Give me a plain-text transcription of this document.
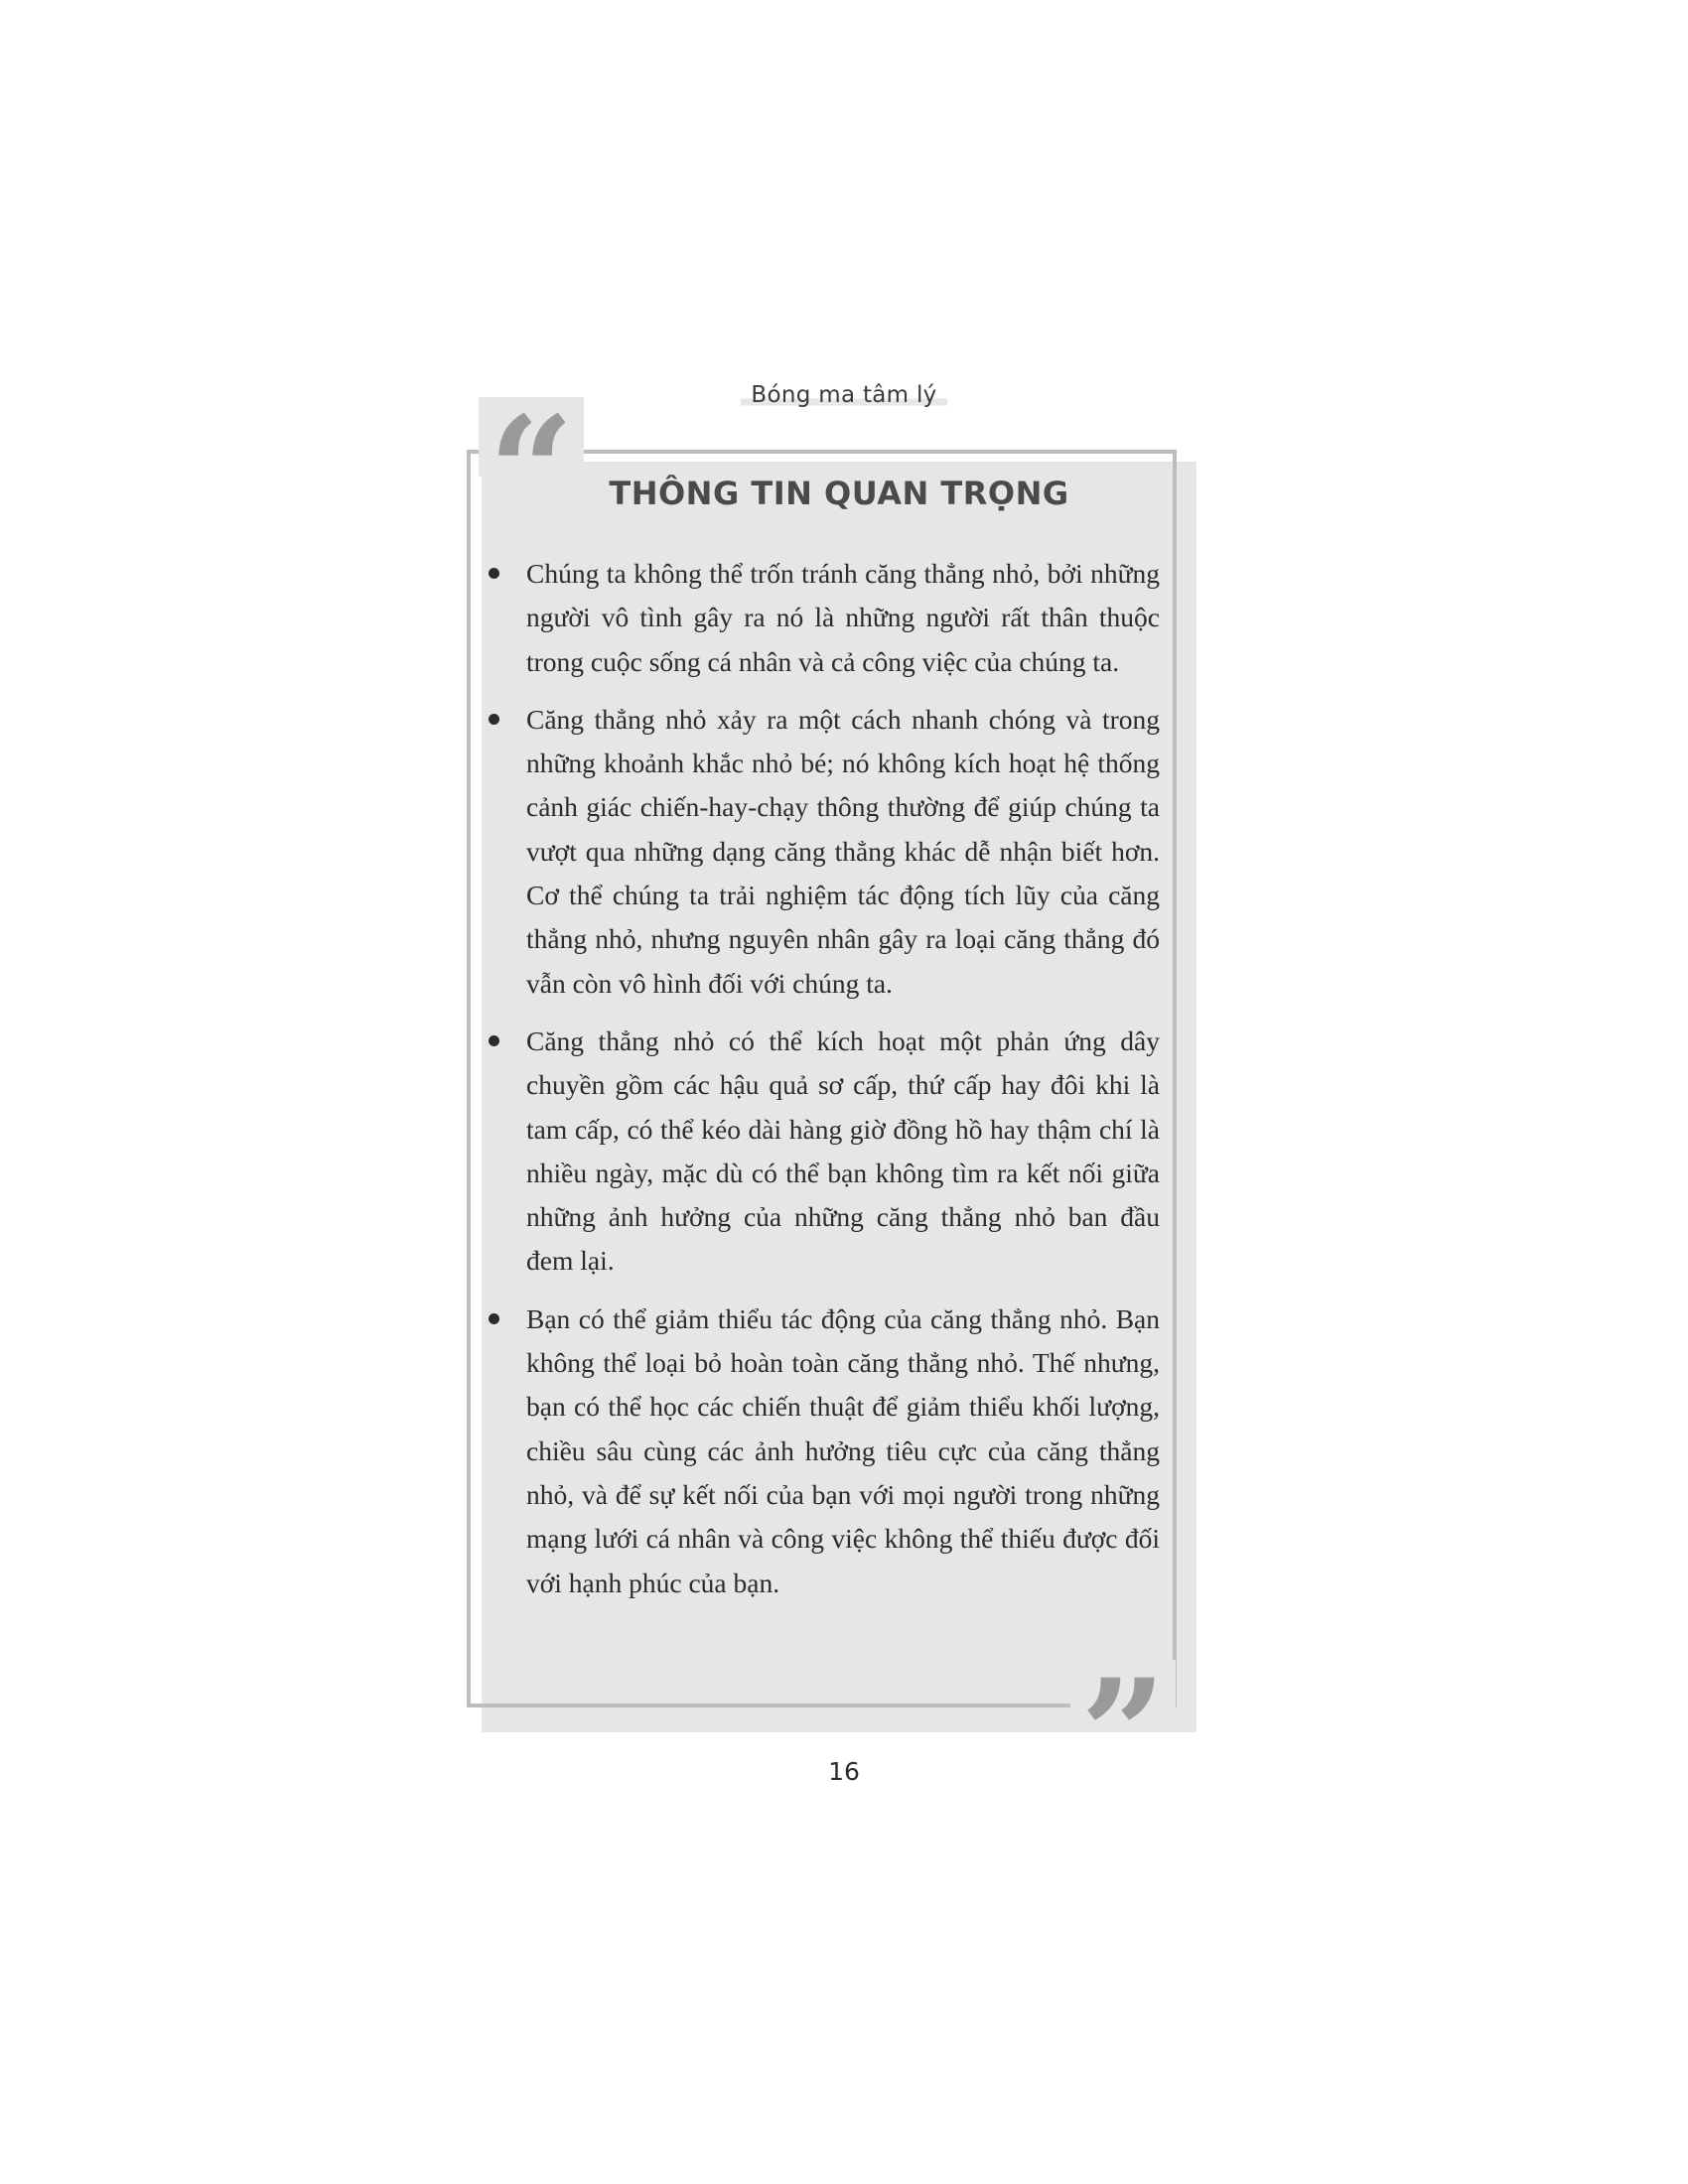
Bóng ma tâm lý
“	THÔNG TIN QUAN TRỌNG
Chúng ta không thể trốn tránh căng thẳng nhỏ, bởi những người vô tình gây ra nó là những người rất thân thuộc trong cuộc sống cá nhân và cả công việc của chúng ta.
Căng thẳng nhỏ xảy ra một cách nhanh chóng và trong những khoảnh khắc nhỏ bé; nó không kích hoạt hệ thống cảnh giác chiến-hay-chạy thông thường để giúp chúng ta vượt qua những dạng căng thẳng khác dễ nhận biết hơn. Cơ thể chúng ta trải nghiệm tác động tích lũy của căng thẳng nhỏ, nhưng nguyên nhân gây ra loại căng thẳng đó vẫn còn vô hình đối với chúng ta.
Căng thẳng nhỏ có thể kích hoạt một phản ứng dây chuyền gồm các hậu quả sơ cấp, thứ cấp hay đôi khi là tam cấp, có thể kéo dài hàng giờ đồng hồ hay thậm chí là nhiều ngày, mặc dù có thể bạn không tìm ra kết nối giữa những ảnh hưởng của những căng thẳng nhỏ ban đầu đem lại.
Bạn có thể giảm thiểu tác động của căng thẳng nhỏ. Bạn không thể loại bỏ hoàn toàn căng thẳng nhỏ. Thế nhưng, bạn có thể học các chiến thuật để giảm thiểu khối lượng, chiều sâu cùng các ảnh hưởng tiêu cực của căng thẳng nhỏ, và để sự kết nối của bạn với mọi người trong những mạng lưới cá nhân và công việc không thể thiếu được đối với hạnh phúc của bạn.
”
16
